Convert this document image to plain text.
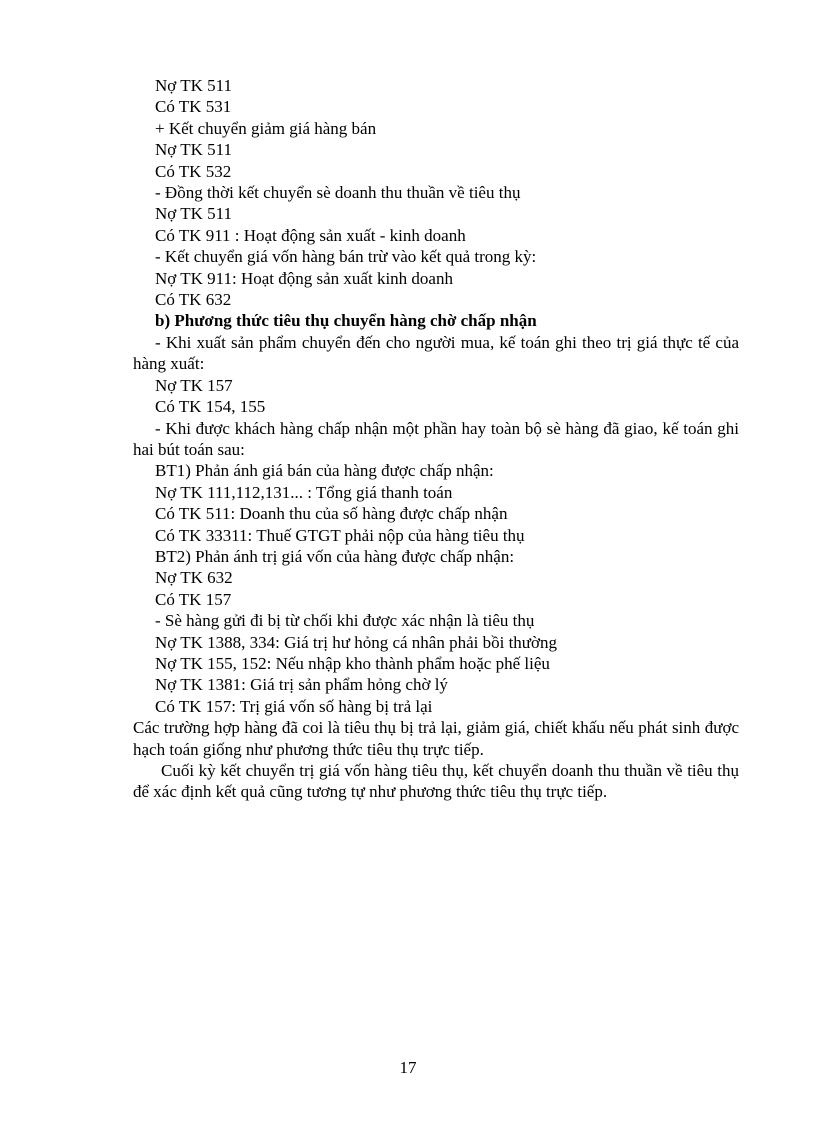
Nợ TK 511
Có TK 531
+ Kết chuyển giảm giá hàng bán
Nợ TK 511
Có TK 532
- Đồng thời kết chuyển sè doanh thu thuần về tiêu thụ
Nợ TK 511
Có TK 911 : Hoạt động sản xuất - kinh doanh
- Kết chuyển giá vốn hàng bán trừ vào kết quả trong kỳ:
Nợ TK 911: Hoạt động sản xuất kinh doanh
Có TK 632
b) Phương thức tiêu thụ chuyển hàng chờ chấp nhận
- Khi xuất sản phẩm chuyển đến cho người mua, kế toán ghi theo trị giá thực tế của hàng xuất:
Nợ TK 157
Có TK 154, 155
- Khi được khách hàng chấp nhận một phần hay toàn bộ sè hàng đã giao, kế toán ghi hai bút toán sau:
BT1) Phản ánh giá bán của hàng được chấp nhận:
Nợ TK 111,112,131... : Tổng giá thanh toán
Có TK 511: Doanh thu của số hàng được chấp nhận
Có TK 33311: Thuế GTGT phải nộp của hàng tiêu thụ
BT2) Phản ánh trị giá vốn của hàng được chấp nhận:
Nợ TK 632
Có TK 157
- Sè hàng gửi đi bị từ chối khi được xác nhận là tiêu thụ
Nợ TK 1388, 334: Giá trị hư hỏng cá nhân phải bồi thường
Nợ TK 155, 152: Nếu nhập kho thành phẩm hoặc phế liệu
Nợ TK 1381: Giá trị sản phẩm hỏng chờ lý
Có TK 157: Trị giá vốn số hàng bị trả lại
Các trường hợp hàng đã coi là tiêu thụ bị trả lại, giảm giá, chiết khấu nếu phát sinh được hạch toán giống như phương thức tiêu thụ trực tiếp.
Cuối kỳ kết chuyển trị giá vốn hàng tiêu thụ, kết chuyển doanh thu thuần về tiêu thụ để xác định kết quả cũng tương tự như phương thức tiêu thụ trực tiếp.
17
